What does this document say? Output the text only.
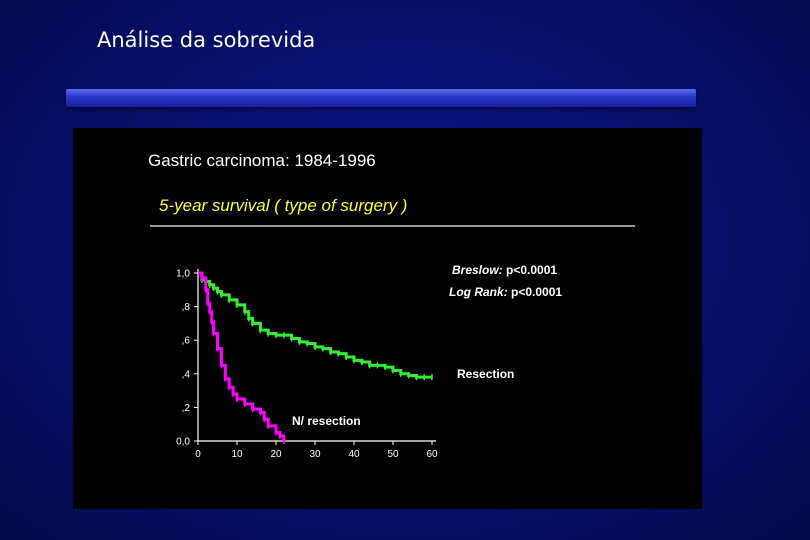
Análise da sobrevida
Gastric carcinoma: 1984-1996
5-year survival ( type of surgery )
Breslow: p<0.0001
Log Rank: p<0.0001
1,0
,8
,6
,4
,2
0,0
0	10	20	30	40	50	60
Resection
N/ resection
